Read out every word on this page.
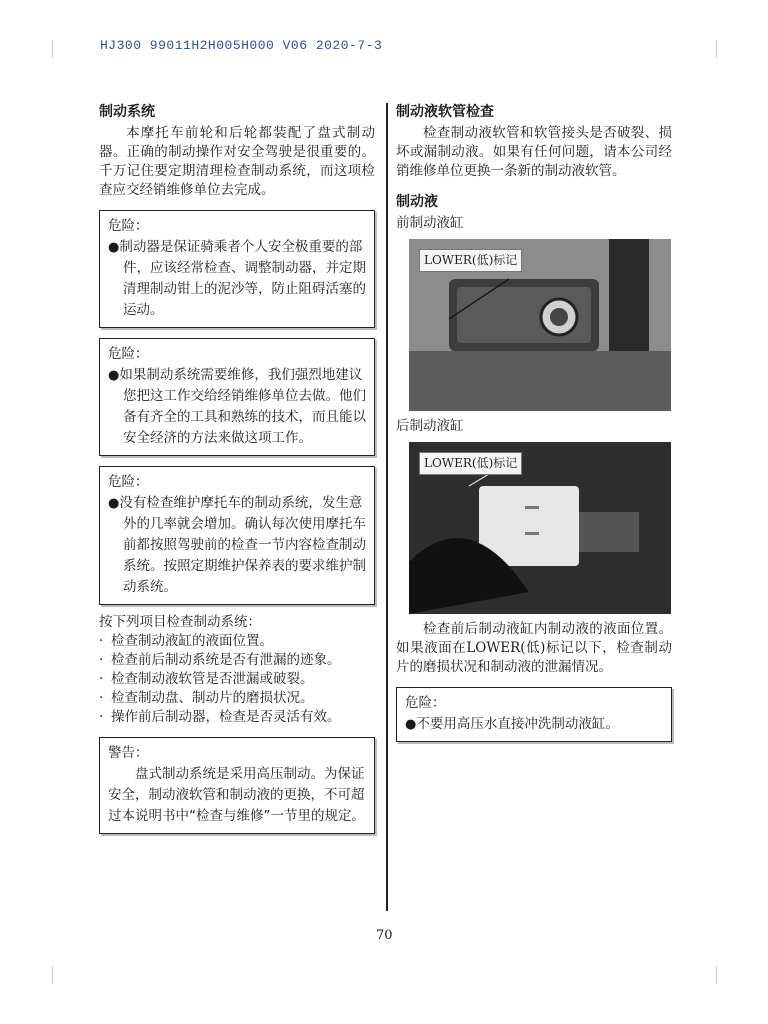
HJ300 99011H2H005H000 V06 2020-7-3
制动系统

本摩托车前轮和后轮都装配了盘式制动器。正确的制动操作对安全驾驶是很重要的。千万记住要定期清理检查制动系统，而这项检查应交经销维修单位去完成。

危险：
●制动器是保证骑乘者个人安全极重要的部件，应该经常检查、调整制动器，并定期清理制动钳上的泥沙等，防止阻碍活塞的运动。
危险：
●如果制动系统需要维修，我们强烈地建议您把这工作交给经销维修单位去做。他们备有齐全的工具和熟练的技术，而且能以安全经济的方法来做这项工作。
危险：
●没有检查维护摩托车的制动系统，发生意外的几率就会增加。确认每次使用摩托车前都按照驾驶前的检查一节内容检查制动系统。按照定期维护保养表的要求维护制动系统。

按下列项目检查制动系统：

· 检查制动液缸的液面位置。
· 检查前后制动系统是否有泄漏的迹象。
· 检查制动液软管是否泄漏或破裂。
· 检查制动盘、制动片的磨损状况。
· 操作前后制动器，检查是否灵活有效。
警告：
盘式制动系统是采用高压制动。为保证安全，制动液软管和制动液的更换，不可超过本说明书中“检查与维修”一节里的规定。
制动液软管检查

检查制动液软管和软管接头是否破裂、损坏或漏制动液。如果有任何问题，请本公司经销维修单位更换一条新的制动液软管。

制动液

前制动液缸

LOWER(低)标记

后制动液缸

LOWER(低)标记

检查前后制动液缸内制动液的液面位置。如果液面在LOWER(低)标记以下，检查制动片的磨损状况和制动液的泄漏情况。

危险：
●不要用高压水直接冲洗制动液缸。
70
